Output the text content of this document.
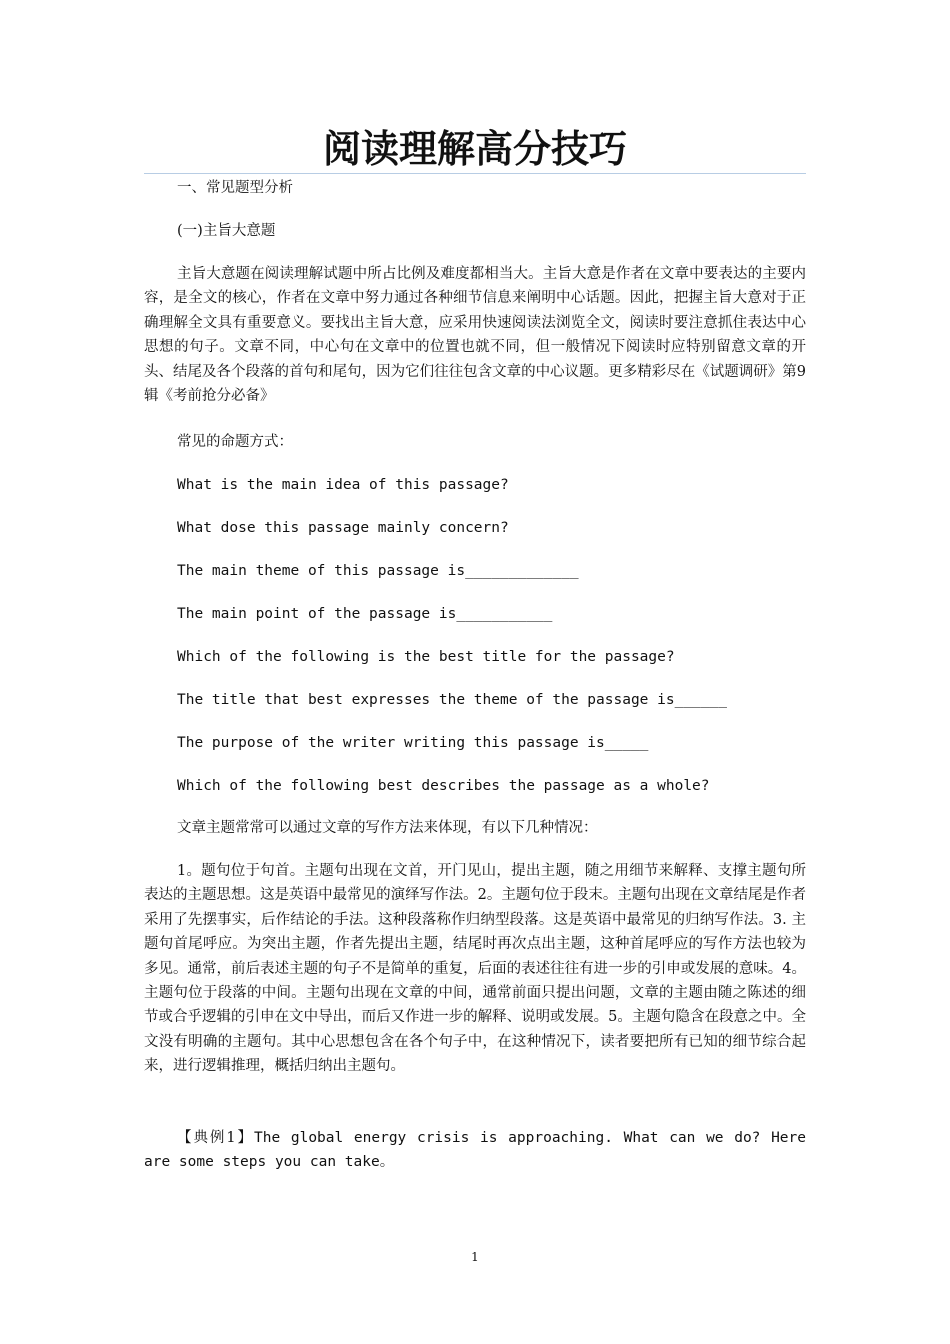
阅读理解高分技巧

一、常见题型分析

(一)主旨大意题

主旨大意题在阅读理解试题中所占比例及难度都相当大。主旨大意是作者在文章中要表达的主要内容，是全文的核心，作者在文章中努力通过各种细节信息来阐明中心话题。因此，把握主旨大意对于正确理解全文具有重要意义。要找出主旨大意，应采用快速阅读法浏览全文，阅读时要注意抓住表达中心思想的句子。文章不同，中心句在文章中的位置也就不同，但一般情况下阅读时应特别留意文章的开头、结尾及各个段落的首句和尾句，因为它们往往包含文章的中心议题。更多精彩尽在《试题调研》第9辑《考前抢分必备》

常见的命题方式：

What is the main idea of this passage?

What dose this passage mainly concern?

The main theme of this passage is_____________

The main point of the passage is___________

Which of the following is the best title for the passage?

The title that best expresses the theme of the passage is______

The purpose of the writer writing this passage is_____

Which of the following best describes the passage as a whole?

文章主题常常可以通过文章的写作方法来体现，有以下几种情况：

1。题句位于句首。主题句出现在文首，开门见山，提出主题，随之用细节来解释、支撑主题句所表达的主题思想。这是英语中最常见的演绎写作法。2。主题句位于段末。主题句出现在文章结尾是作者采用了先摆事实，后作结论的手法。这种段落称作归纳型段落。这是英语中最常见的归纳写作法。3. 主题句首尾呼应。为突出主题，作者先提出主题，结尾时再次点出主题，这种首尾呼应的写作方法也较为多见。通常，前后表述主题的句子不是简单的重复，后面的表述往往有进一步的引申或发展的意味。4。主题句位于段落的中间。主题句出现在文章的中间，通常前面只提出问题，文章的主题由随之陈述的细节或合乎逻辑的引申在文中导出，而后又作进一步的解释、说明或发展。5。主题句隐含在段意之中。全文没有明确的主题句。其中心思想包含在各个句子中，在这种情况下，读者要把所有已知的细节综合起来，进行逻辑推理，概括归纳出主题句。

【典例1】The global energy crisis is approaching. What can we do? Here are some steps you can take。

1
